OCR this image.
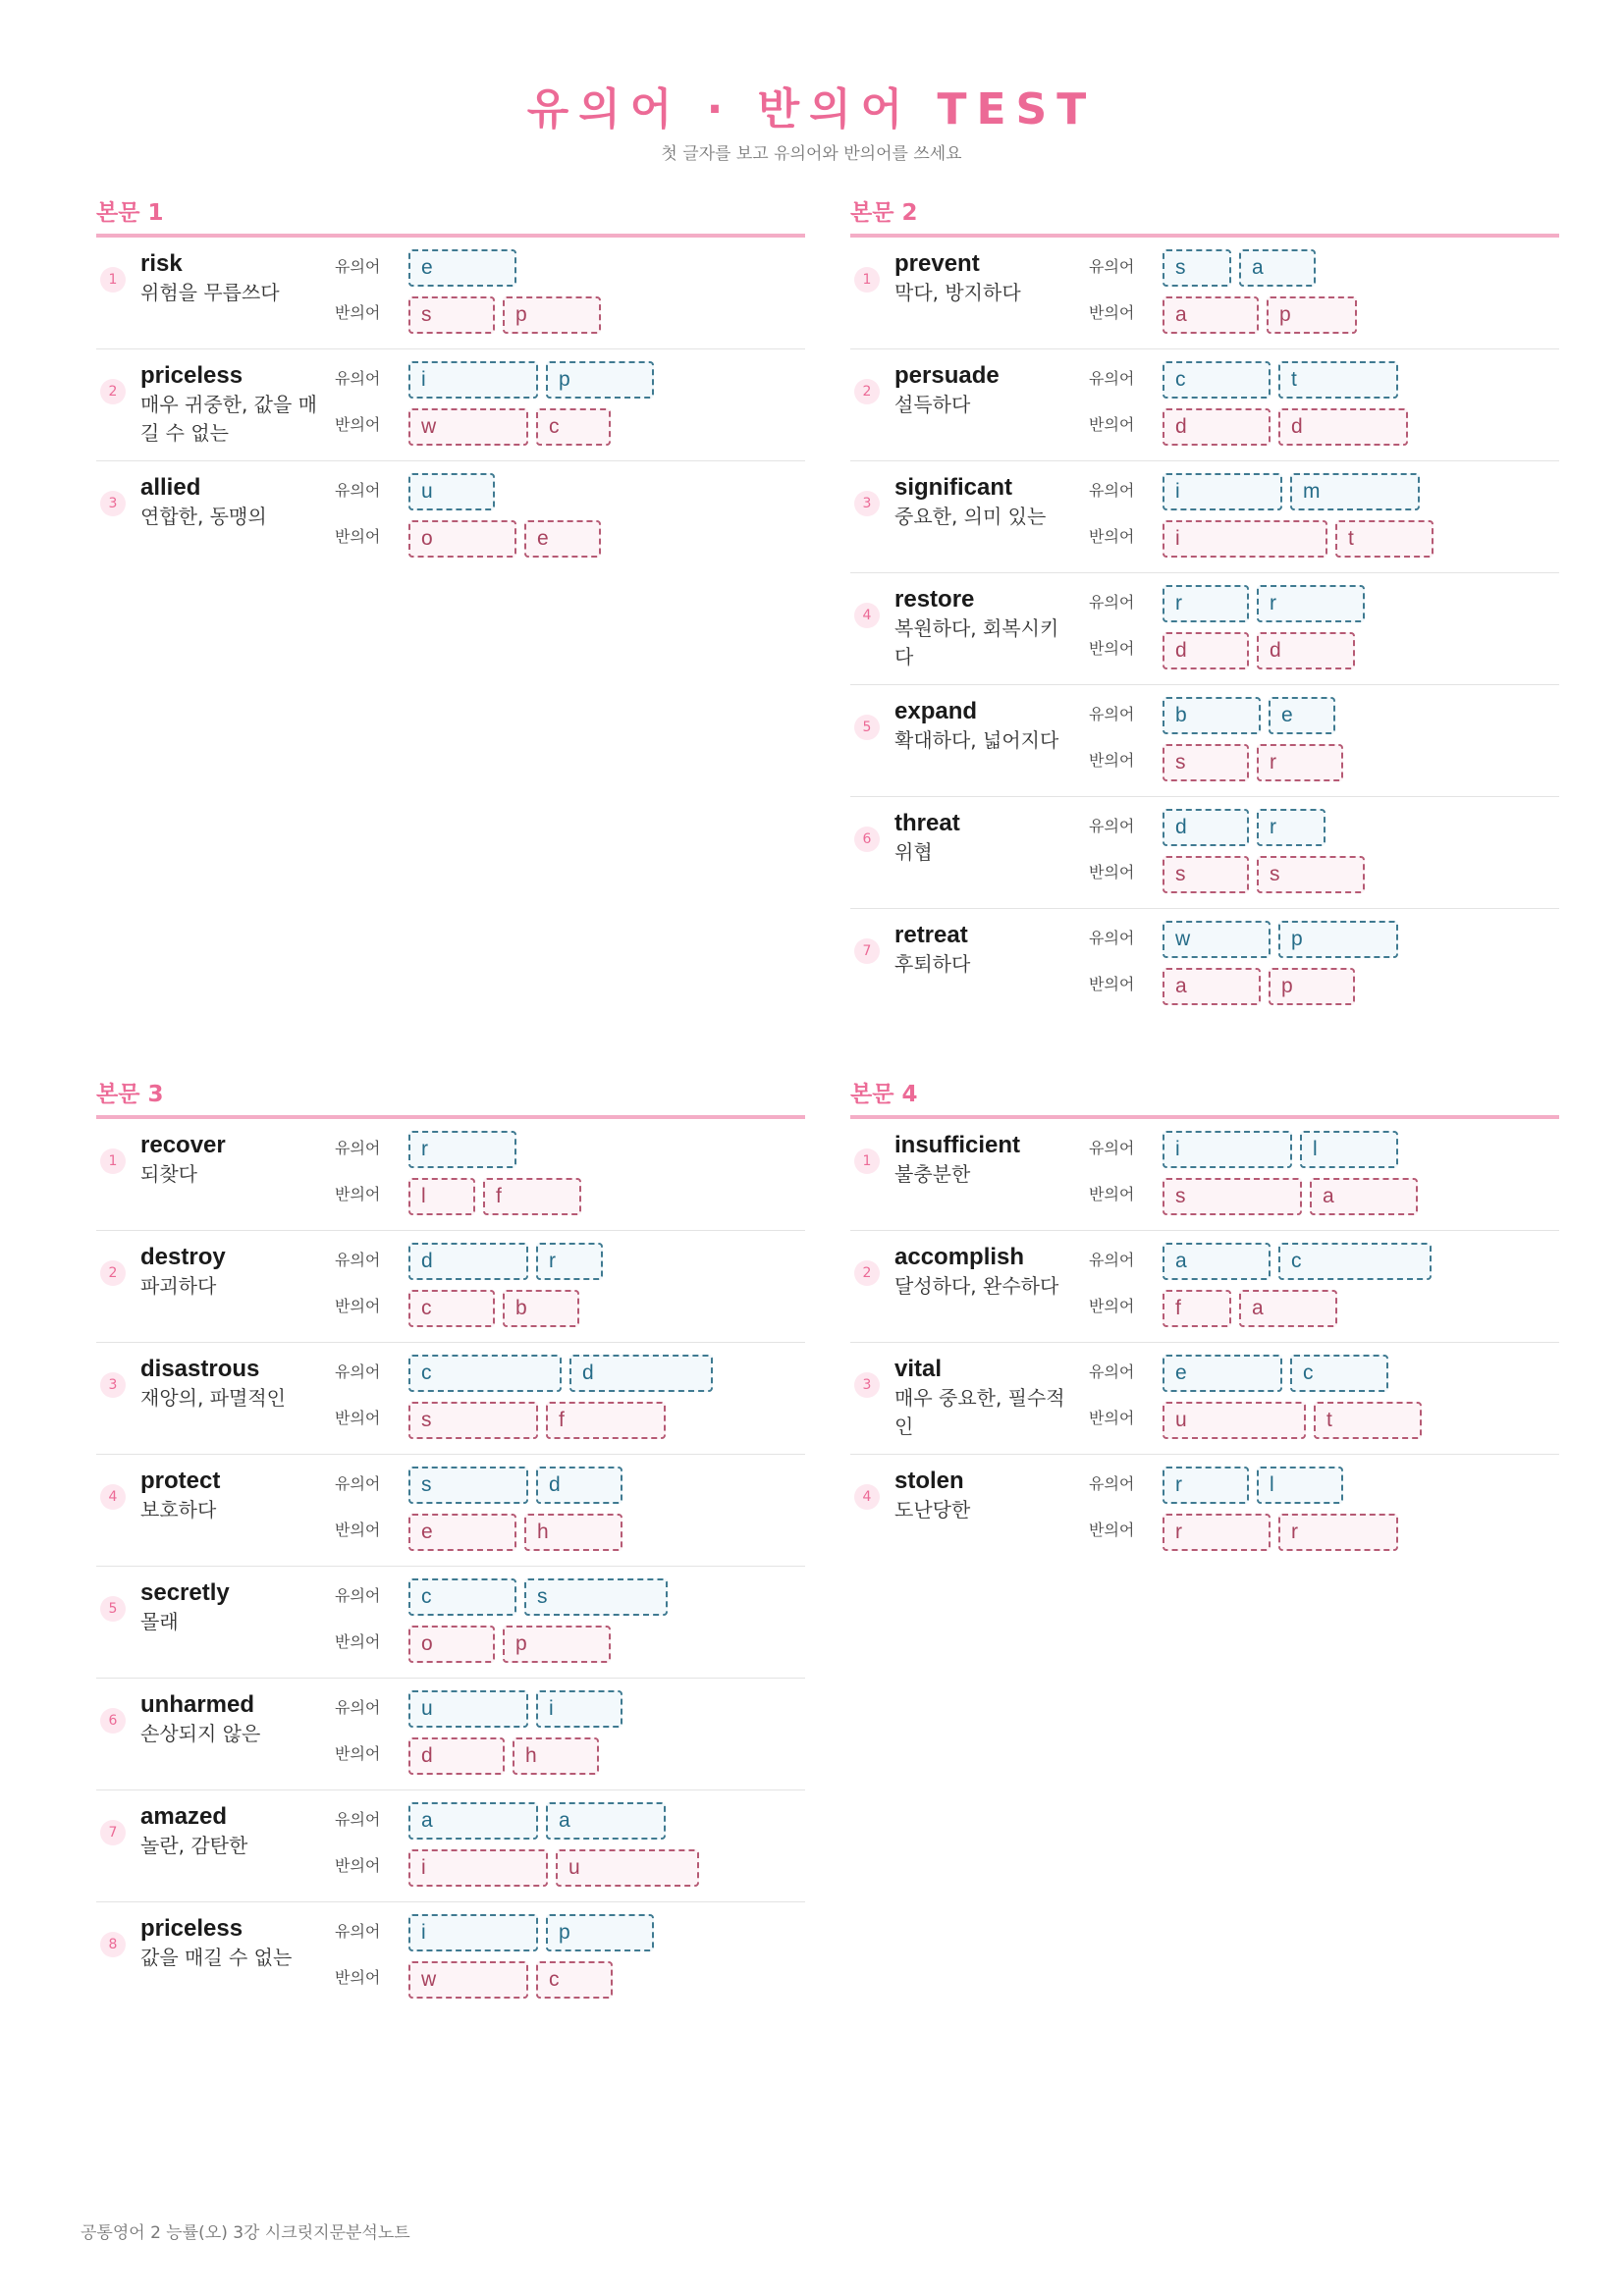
유의어 · 반의어 TEST
첫 글자를 보고 유의어와 반의어를 쓰세요
본문 1
1
risk
위험을 무릅쓰다
유의어
반의어
e
s	p
2
priceless
매우 귀중한, 값을 매길 수 없는
유의어
반의어
i	p
w	c
3
allied
연합한, 동맹의
유의어
반의어
u
o	e
본문 2
1
prevent
막다, 방지하다
유의어
반의어
s	a
a	p
2
persuade
설득하다
유의어
반의어
c	t
d	d
3
significant
중요한, 의미 있는
유의어
반의어
i	m
i	t
4
restore
복원하다, 회복시키다
유의어
반의어
r	r
d	d
5
expand
확대하다, 넓어지다
유의어
반의어
b	e
s	r
6
threat
위협
유의어
반의어
d	r
s	s
7
retreat
후퇴하다
유의어
반의어
w	p
a	p
본문 3
1
recover
되찾다
유의어
반의어
r
l	f
2
destroy
파괴하다
유의어
반의어
d	r
c	b
3
disastrous
재앙의, 파멸적인
유의어
반의어
c	d
s	f
4
protect
보호하다
유의어
반의어
s	d
e	h
5
secretly
몰래
유의어
반의어
c	s
o	p
6
unharmed
손상되지 않은
유의어
반의어
u	i
d	h
7
amazed
놀란, 감탄한
유의어
반의어
a	a
i	u
8
priceless
값을 매길 수 없는
유의어
반의어
i	p
w	c
본문 4
1
insufficient
불충분한
유의어
반의어
i	l
s	a
2
accomplish
달성하다, 완수하다
유의어
반의어
a	c
f	a
3
vital
매우 중요한, 필수적인
유의어
반의어
e	c
u	t
4
stolen
도난당한
유의어
반의어
r	l
r	r
공통영어 2 능률(오) 3강 시크릿지문분석노트
